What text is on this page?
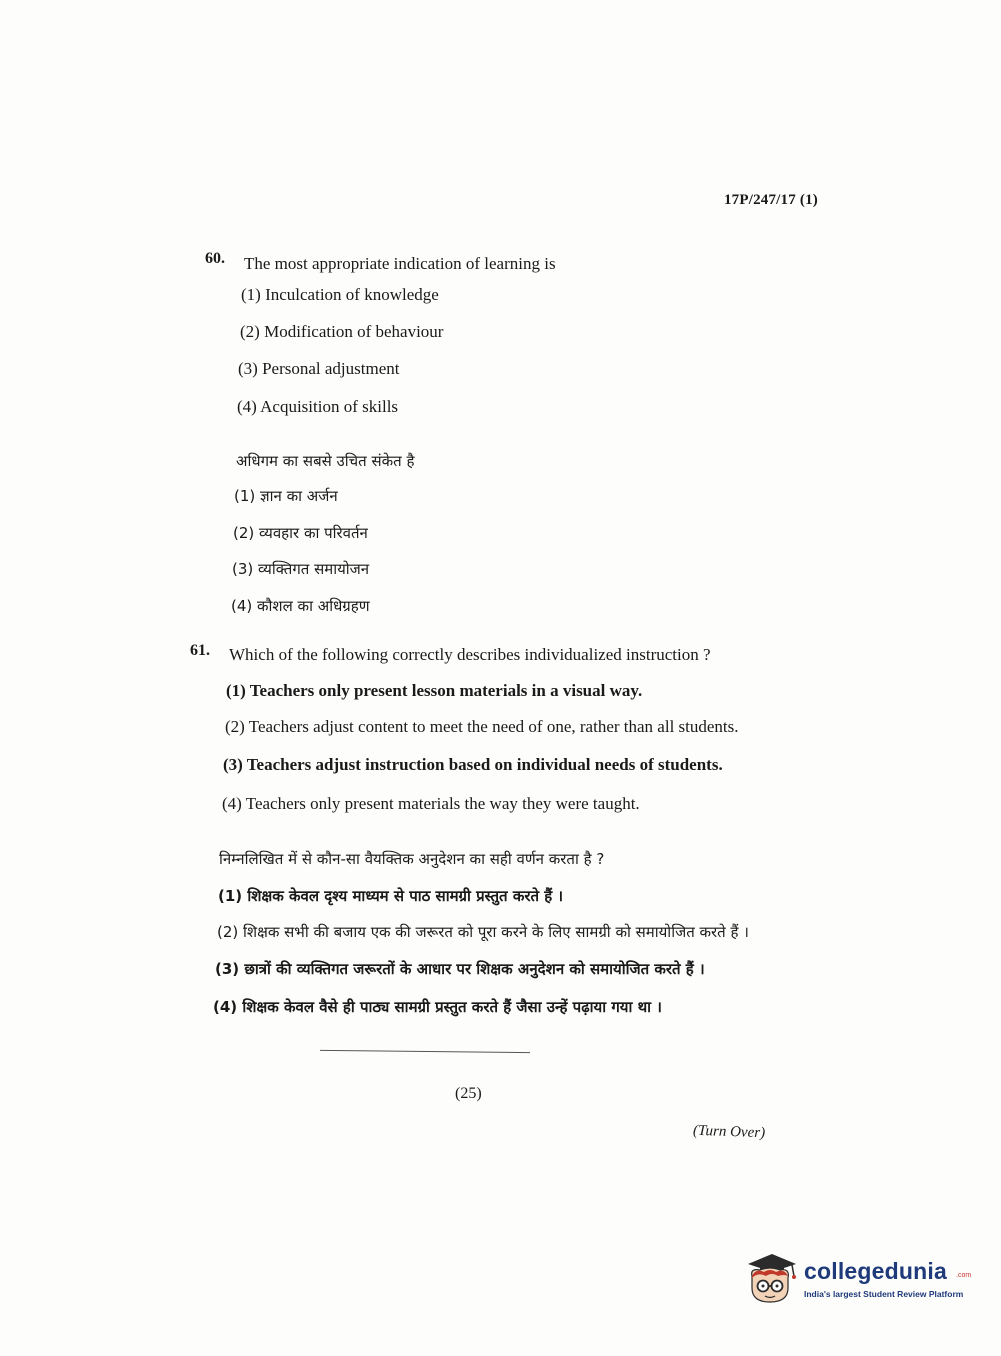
17P/247/17 (1)
60. The most appropriate indication of learning is
(1) Inculcation of knowledge
(2) Modification of behaviour
(3) Personal adjustment
(4) Acquisition of skills
अधिगम का सबसे उचित संकेत है
(1) ज्ञान का अर्जन
(2) व्यवहार का परिवर्तन
(3) व्यक्तिगत समायोजन
(4) कौशल का अधिग्रहण
61. Which of the following correctly describes individualized instruction ?
(1) Teachers only present lesson materials in a visual way.
(2) Teachers adjust content to meet the need of one, rather than all students.
(3) Teachers adjust instruction based on individual needs of students.
(4) Teachers only present materials the way they were taught.
निम्नलिखित में से कौन-सा वैयक्तिक अनुदेशन का सही वर्णन करता है ?
(1) शिक्षक केवल दृश्य माध्यम से पाठ सामग्री प्रस्तुत करते हैं ।
(2) शिक्षक सभी की बजाय एक की जरूरत को पूरा करने के लिए सामग्री को समायोजित करते हैं ।
(3) छात्रों की व्यक्तिगत जरूरतों के आधार पर शिक्षक अनुदेशन को समायोजित करते हैं ।
(4) शिक्षक केवल वैसे ही पाठ्य सामग्री प्रस्तुत करते हैं जैसा उन्हें पढ़ाया गया था ।
(25)
(Turn Over)
collegedunia .com
India's largest Student Review Platform
